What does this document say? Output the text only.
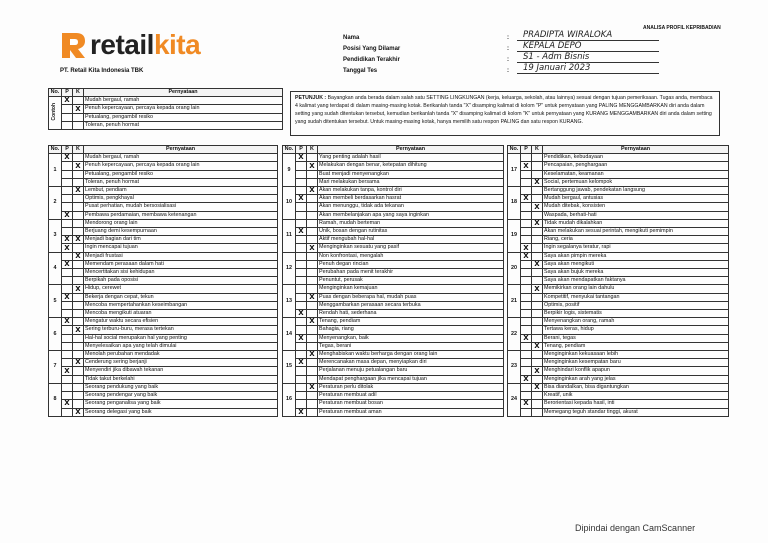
retailkita
PT. Retail Kita Indonesia TBK
ANALISA PROFIL KEPRIBADIAN
Nama	:	PRADIPTA WIRALOKA
Posisi Yang Dilamar	:	KEPALA DEPO
Pendidikan Terakhir	:	S1 - Adm Bisnis
Tanggal Tes	:	19 Januari 2023
No.	P	K	Pernyataan
Contoh	X		Mudah bergaul, ramah
		X	Penuh kepercayaan, percaya kepada orang lain
			Petualang, pengambil resiko
			Toleran, penuh hormat
PETUNJUK : Bayangkan anda berada dalam salah satu SETTING LINGKUNGAN (kerja, keluarga, sekolah, atau lainnya) sesuai dengan tujuan pemeriksaan. Tugas anda, membaca 4 kalimat yang terdapat di dalam masing-masing kotak. Berikanlah tanda "X" disamping kalimat di kolom "P" untuk pernyataan yang PALING MENGGAMBARKAN diri anda dalam setting yang sudah ditentukan tersebut, kemudian berikanlah tanda "X" disamping kalimat di kolom "K" untuk pernyataan yang KURANG MENGGAMBARKAN diri anda dalam setting yang sudah ditentukan tersebut. Untuk masing-masing kotak, hanya memilih satu respon PALING dan satu respon KURANG.
No.	P	K	Pernyataan
1	X		Mudah bergaul, ramah
		X	Penuh kepercayaan, percaya kepada orang lain
			Petualang, pengambil resiko
			Toleran, penuh hormat
2		X	Lembut, pendiam
			Optimis, pengkhayal
			Pusat perhatian, mudah bersosialisasi
	X		Pembawa perdamaian, membawa ketenangan
3			Mendorong orang lain
			Berjuang demi kesempurnaan
	X	X	Menjadi bagian dari tim
	X		Ingin mencapai tujuan
4		X	Menjadi frustasi
	X		Memendam perasaan dalam hati
			Mencertitakan sisi kehidupan
			Berpikah pada oposisi
5		X	Hidup, cerewet
	X		Bekerja dengan cepat, tekun
			Mencoba mempertahankan keseimbangan
			Mencoba mengikuti atuaran
6	X		Mengatur waktu secara efisien
		X	Sering terburu-buru, merasa tertekan
			Hal-hal social merupakan hal yang penting
			Menyelesaikan apa yang telah dimulai
7			Menolah perubahan mendadak
		X	Cenderung sering berjanji
	X		Menyendiri jika dibawah tekanan
			Tidak takut berkelahi
8			Seorang pendukung yang baik
			Seorang pendengar yang baik
	X		Seorang penganalisa yang baik
		X	Seorang delegasi yang baik
No.	P	K	Pernyataan
9	X		Yang penting adalah hasil
		X	Melakukan dengan benar, ketepatan dihitung
			Buat menjadi menyenangkan
			Mari melakukan bersama
10		X	Akan melakukan tanpa, kontrol diri
	X		Akan membeli berdasarkan hasrat
			Akan menunggu, tidak ada tekanan
			Akan membelanjakan apa yang saya inginkan
11			Ramah, mudah berteman
	X		Unik, bosan dengan rutinitas
			Aktif mengubah hal-hal
		X	Menginginkan sesuatu yang pasif
12			Non konfrontasi, mengalah
			Penuh degan rincian
			Perubahan pada menit terakhir
			Penuntut, perusak
13			Menginginkan kemajuan
		X	Puas dengan beberapa hal, mudah puas
			Menggambarkan perasaan secara terbuka
	X		Rendah hati, sederhana
14		X	Tenang, pendiam
			Bahagia, riang
	X		Menyenangkan, baik
			Tegas, berani
15		X	Menghabiskan waktu berharga dengan orang lain
	X		Merencanakan masa depan, menyiapkan diri
			Perjalanan menuju petualangan baru
			Mendapat penghargaan jika mencapai tujuan
16		X	Peraturan perlu ditolak
			Peraturan membuat adil
			Peraturan membuat bosan
	X		Peraturan membuat aman
No.	P	K	Pernyataan
17			Pendidikan, kebudayaan
	X		Pencapaian, penghargaan
			Keselamatan, keamanan
		X	Social, pertemuan kelompok
18			Bertanggung jawab, pendekatan langsung
	X		Mudah bergaul, antusias
		X	Mudah ditebak, konsisten
			Waspada, berhati-hati
19		X	Tidak mudah dikalahkan
			Akan melakukan sesuai perintah, mengikuti pemimpin
			Riang, ceria
	X		Ingin segalanya teratur, rapi
20	X		Saya akan pimpin mereka
		X	Saya akan mengikuti
			Saya akan bujuk mereka
			Saya akan mendapatkan faktanya
21		X	Memikirkan orang lain dahulu
			Kompetitif, menyukai tantangan
			Optimis, positif
			Berpikir logis, sistematis
22			Menyenangkan orang, ramah
			Tertawa keras, hidup
	X		Berani, tegas
		X	Tenang, pendiam
23			Menginginkan kekuasaan lebih
			Menginginkan kesempatan baru
		X	Menghindari konflik apapun
	X		Menginginkan arah yang jelas
24		X	Bisa diandalkan, bisa digantungkan
			Kreatif, unik
	X		Berorientasi kepada hasil, inti
			Memegang teguh standar tinggi, akurat
Dipindai dengan CamScanner
